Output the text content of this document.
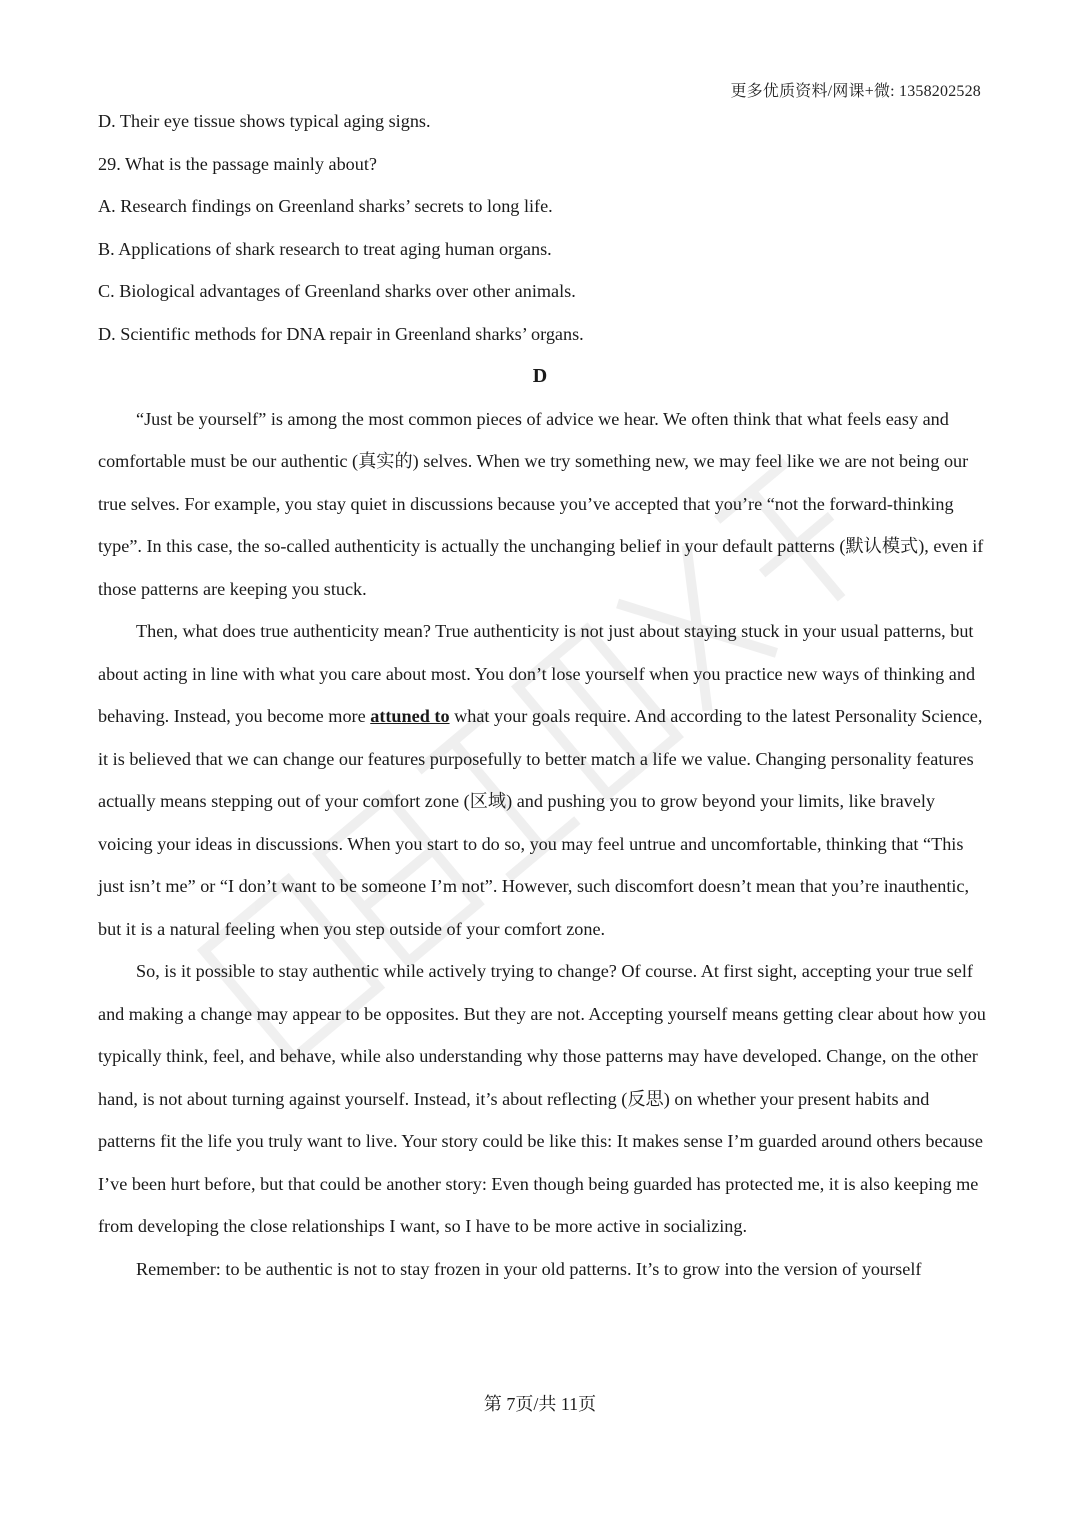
更多优质资料/网课+微: 1358202528
D. Their eye tissue shows typical aging signs.
29. What is the passage mainly about?
A. Research findings on Greenland sharks’ secrets to long life.
B. Applications of shark research to treat aging human organs.
C. Biological advantages of Greenland sharks over other animals.
D. Scientific methods for DNA repair in Greenland sharks’ organs.
D
“Just be yourself” is among the most common pieces of advice we hear. We often think that what feels easy and comfortable must be our authentic (真实的) selves. When we try something new, we may feel like we are not being our true selves. For example, you stay quiet in discussions because you’ve accepted that you’re “not the forward-thinking type”. In this case, the so-called authenticity is actually the unchanging belief in your default patterns (默认模式), even if those patterns are keeping you stuck.
Then, what does true authenticity mean? True authenticity is not just about staying stuck in your usual patterns, but about acting in line with what you care about most. You don’t lose yourself when you practice new ways of thinking and behaving. Instead, you become more attuned to what your goals require. And according to the latest Personality Science, it is believed that we can change our features purposefully to better match a life we value. Changing personality features actually means stepping out of your comfort zone (区域) and pushing you to grow beyond your limits, like bravely voicing your ideas in discussions. When you start to do so, you may feel untrue and uncomfortable, thinking that “This just isn’t me” or “I don’t want to be someone I’m not”. However, such discomfort doesn’t mean that you’re inauthentic, but it is a natural feeling when you step outside of your comfort zone.
So, is it possible to stay authentic while actively trying to change? Of course. At first sight, accepting your true self and making a change may appear to be opposites. But they are not. Accepting yourself means getting clear about how you typically think, feel, and behave, while also understanding why those patterns may have developed. Change, on the other hand, is not about turning against yourself. Instead, it’s about reflecting (反思) on whether your present habits and patterns fit the life you truly want to live. Your story could be like this: It makes sense I’m guarded around others because I’ve been hurt before, but that could be another story: Even though being guarded has protected me, it is also keeping me from developing the close relationships I want, so I have to be more active in socializing.
Remember: to be authentic is not to stay frozen in your old patterns. It’s to grow into the version of yourself
第 7页/共 11页
